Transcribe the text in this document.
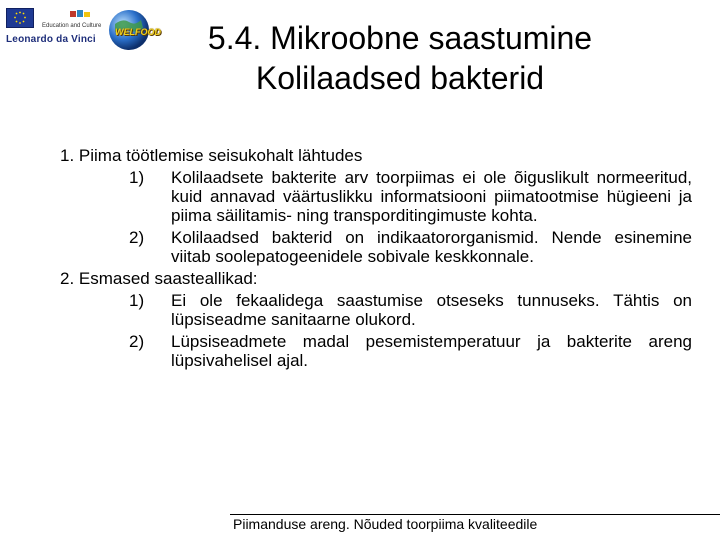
Education and Culture
Leonardo da Vinci
WELFOOD	5.4. Mikroobne saastumine
Kolilaadsed bakterid
1. Piima töötlemise seisukohalt lähtudes
1) Kolilaadsete bakterite arv toorpiimas ei ole õiguslikult normeeritud, kuid annavad väärtuslikku informatsiooni piimatootmise hügieeni ja piima säilitamis- ning transporditingimuste kohta.
2) Kolilaadsed bakterid on indikaatororganismid. Nende esinemine viitab soolepatogeenidele sobivale keskkonnale.
2. Esmased saasteallikad:
1) Ei ole fekaalidega saastumise otseseks tunnuseks. Tähtis on lüpsiseadme sanitaarne olukord.
2) Lüpsiseadmete madal pesemistemperatuur ja bakterite areng lüpsivahelisel ajal.
Piimanduse areng. Nõuded toorpiima kvaliteedile
